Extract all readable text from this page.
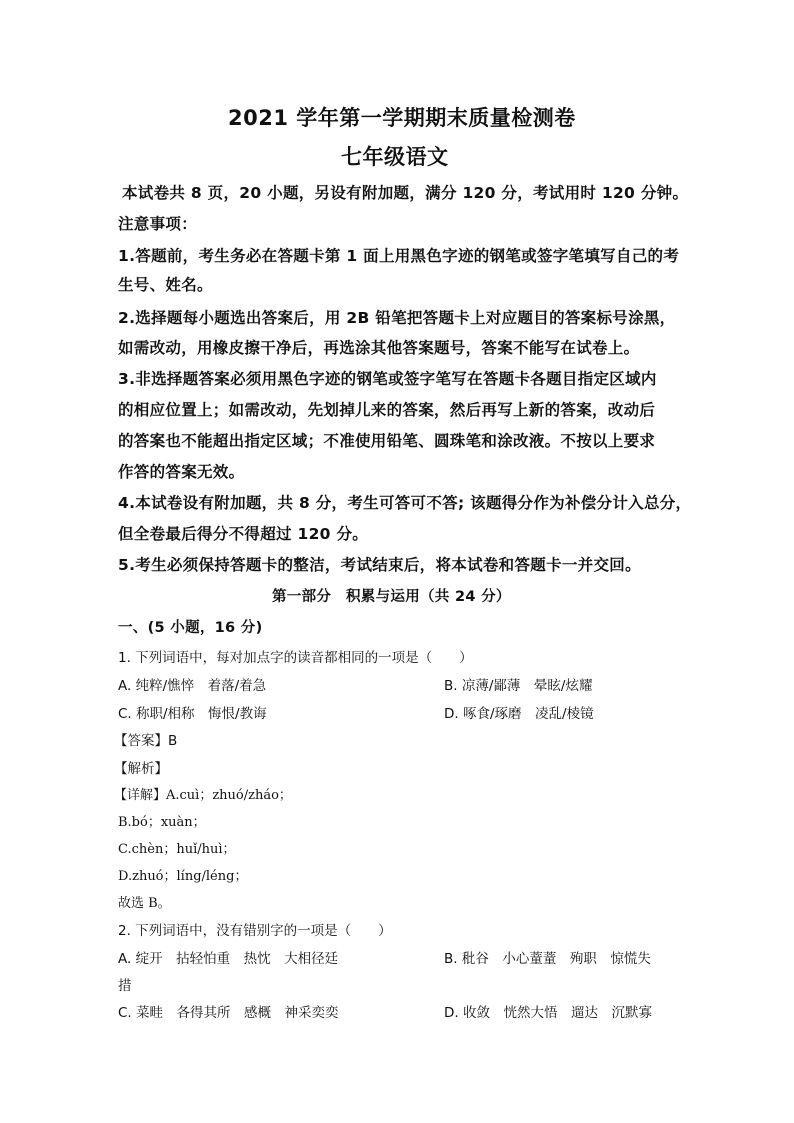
2021 学年第一学期期末质量检测卷
七年级语文
本试卷共 8 页，20 小题，另设有附加题，满分 120 分，考试用时 120 分钟。
注意事项：
1.答题前，考生务必在答题卡第 1 面上用黑色字迹的钢笔或签字笔填写自己的考
生号、姓名。
2.选择题每小题选出答案后，用 2B 铅笔把答题卡上对应题目的答案标号涂黑，
如需改动，用橡皮擦干净后，再选涂其他答案题号，答案不能写在试卷上。
3.非选择题答案必须用黑色字迹的钢笔或签字笔写在答题卡各题目指定区域内
的相应位置上；如需改动，先划掉儿来的答案，然后再写上新的答案，改动后
的答案也不能超出指定区域；不准使用铅笔、圆珠笔和涂改液。不按以上要求
作答的答案无效。
4.本试卷设有附加题，共 8 分，考生可答可不答; 该题得分作为补偿分计入总分，
但全卷最后得分不得超过 120 分。
5.考生必须保持答题卡的整洁，考试结束后，将本试卷和答题卡一并交回。
第一部分　积累与运用（共 24 分）
一、(5 小题，16 分)
1. 下列词语中，每对加点字的读音都相同的一项是（　　）
A. 纯粹/憔悴　着落/着急	B. 凉薄/鄙薄　晕眩/炫耀
C. 称职/相称　悔恨/教诲	D. 啄食/琢磨　凌乱/棱镜
【答案】B
【解析】
【详解】A.cuì；zhuó/zháo；
B.bó；xuàn；
C.chèn；huǐ/huì；
D.zhuó；líng/léng；
故选 B。
2. 下列词语中，没有错别字的一项是（　　）
A. 绽开　拈轻怕重　热忱　大相径廷	B. 秕谷　小心蕫蕫　殉职　惊慌失
措
C. 菜畦　各得其所　感概　神采奕奕	D. 收敛　恍然大悟　遛达　沉默寡
